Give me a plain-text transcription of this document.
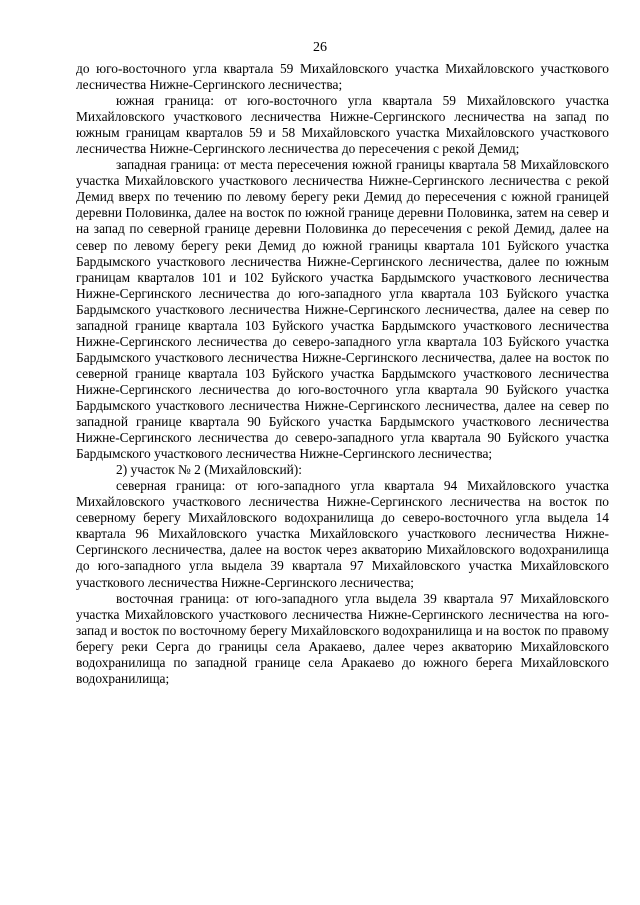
26

до юго-восточного угла квартала 59 Михайловского участка Михайловского участкового лесничества Нижне-Сергинского лесничества;

южная граница: от юго-восточного угла квартала 59 Михайловского участка Михайловского участкового лесничества Нижне-Сергинского лесничества на запад по южным границам кварталов 59 и 58 Михайловского участка Михайловского участкового лесничества Нижне-Сергинского лесничества до пересечения с рекой Демид;

западная граница: от места пересечения южной границы квартала 58 Михайловского участка Михайловского участкового лесничества Нижне-Сергинского лесничества с рекой Демид вверх по течению по левому берегу реки Демид до пересечения с южной границей деревни Половинка, далее на восток по южной границе деревни Половинка, затем на север и на запад по северной границе деревни Половинка до пересечения с рекой Демид, далее на север по левому берегу реки Демид до южной границы квартала 101 Буйского участка Бардымского участкового лесничества Нижне-Сергинского лесничества, далее по южным границам кварталов 101 и 102 Буйского участка Бардымского участкового лесничества Нижне-Сергинского лесничества до юго-западного угла квартала 103 Буйского участка Бардымского участкового лесничества Нижне-Сергинского лесничества, далее на север по западной границе квартала 103 Буйского участка Бардымского участкового лесничества Нижне-Сергинского лесничества до северо-западного угла квартала 103 Буйского участка Бардымского участкового лесничества Нижне-Сергинского лесничества, далее на восток по северной границе квартала 103 Буйского участка Бардымского участкового лесничества Нижне-Сергинского лесничества до юго-восточного угла квартала 90 Буйского участка Бардымского участкового лесничества Нижне-Сергинского лесничества, далее на север по западной границе квартала 90 Буйского участка Бардымского участкового лесничества Нижне-Сергинского лесничества до северо-западного угла квартала 90 Буйского участка Бардымского участкового лесничества Нижне-Сергинского лесничества;

2) участок № 2 (Михайловский):

северная граница: от юго-западного угла квартала 94 Михайловского участка Михайловского участкового лесничества Нижне-Сергинского лесничества на восток по северному берегу Михайловского водохранилища до северо-восточного угла выдела 14 квартала 96 Михайловского участка Михайловского участкового лесничества Нижне-Сергинского лесничества, далее на восток через акваторию Михайловского водохранилища до юго-западного угла выдела 39 квартала 97 Михайловского участка Михайловского участкового лесничества Нижне-Сергинского лесничества;

восточная граница: от юго-западного угла выдела 39 квартала 97 Михайловского участка Михайловского участкового лесничества Нижне-Сергинского лесничества на юго-запад и восток по восточному берегу Михайловского водохранилища и на восток по правому берегу реки Серга до границы села Аракаево, далее через акваторию Михайловского водохранилища по западной границе села Аракаево до южного берега Михайловского водохранилища;
